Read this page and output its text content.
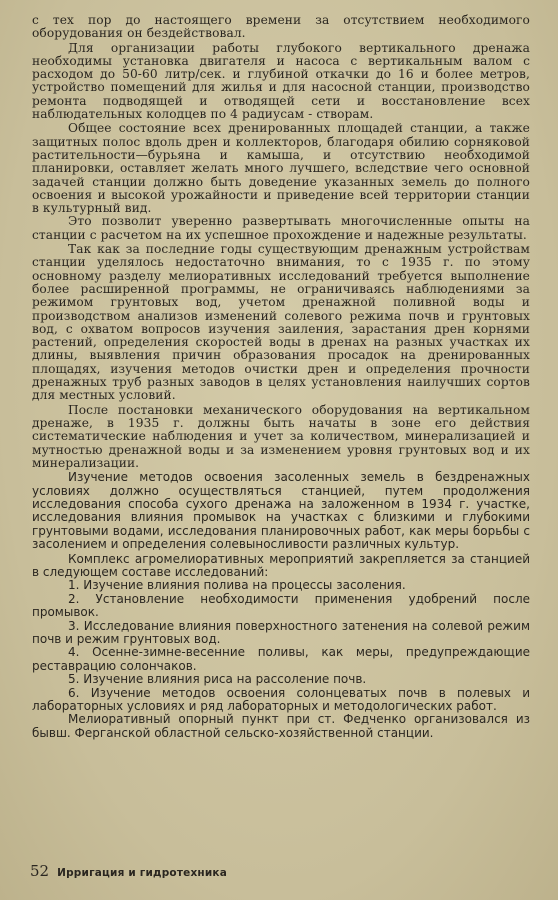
с тех пор до настоящего времени за отсутствием необходимого оборудования он бездействовал.

Для организации работы глубокого вертикального дренажа необходимы установка двигателя и насоса с вертикальным валом с расходом до 50-60 литр/сек. и глубиной откачки до 16 и более метров, устройство помещений для жилья и для насосной станции, производство ремонта подводящей и отводящей сети и восстановление всех наблюдательных колодцев по 4 радиусам - створам.

Общее состояние всех дренированных площадей станции, а также защитных полос вдоль дрен и коллекторов, благодаря обилию сорняковой растительности—бурьяна и камыша, и отсутствию необходимой планировки, оставляет желать много лучшего, вследствие чего основной задачей станции должно быть доведение указанных земель до полного освоения и высокой урожайности и приведение всей территории станции в культурный вид.

Это позволит уверенно развертывать многочисленные опыты на станции с расчетом на их успешное прохождение и надежные результаты.

Так как за последние годы существующим дренажным устройствам станции уделялось недостаточно внимания, то с 1935 г. по этому основному разделу мелиоративных исследований требуется выполнение более расширенной программы, не ограничиваясь наблюдениями за режимом грунтовых вод, учетом дренажной поливной воды и производством анализов изменений солевого режима почв и грунтовых вод, с охватом вопросов изучения заиления, зарастания дрен корнями растений, определения скоростей воды в дренах на разных участках их длины, выявления причин образования просадок на дренированных площадях, изучения методов очистки дрен и определения прочности дренажных труб разных заводов в целях установления наилучших сортов для местных условий.

После постановки механического оборудования на вертикальном дренаже, в 1935 г. должны быть начаты в зоне его действия систематические наблюдения и учет за количеством, минерализацией и мутностью дренажной воды и за изменением уровня грунтовых вод и их минерализации.

Изучение методов освоения засоленных земель в бездренажных условиях должно осуществляться станцией, путем продолжения исследования способа сухого дренажа на заложенном в 1934 г. участке, исследования влияния промывок на участках с близкими и глубокими грунтовыми водами, исследования планировочных работ, как меры борьбы с засолением и определения солевыносливости различных культур.

Комплекс агромелиоративных мероприятий закрепляется за станцией в следующем составе исследований:

1. Изучение влияния полива на процессы засоления.

2. Установление необходимости применения удобрений после промывок.

3. Исследование влияния поверхностного затенения на солевой режим почв и режим грунтовых вод.

4. Осенне-зимне-весенние поливы, как меры, предупреждающие реставрацию солончаков.

5. Изучение влияния риса на рассоление почв.

6. Изучение методов освоения солонцеватых почв в полевых и лабораторных условиях и ряд лабораторных и методологических работ.

Мелиоративный опорный пункт при ст. Федченко организовался из бывш. Ферганской областной сельско-хозяйственной станции.

52 Ирригация и гидротехника
